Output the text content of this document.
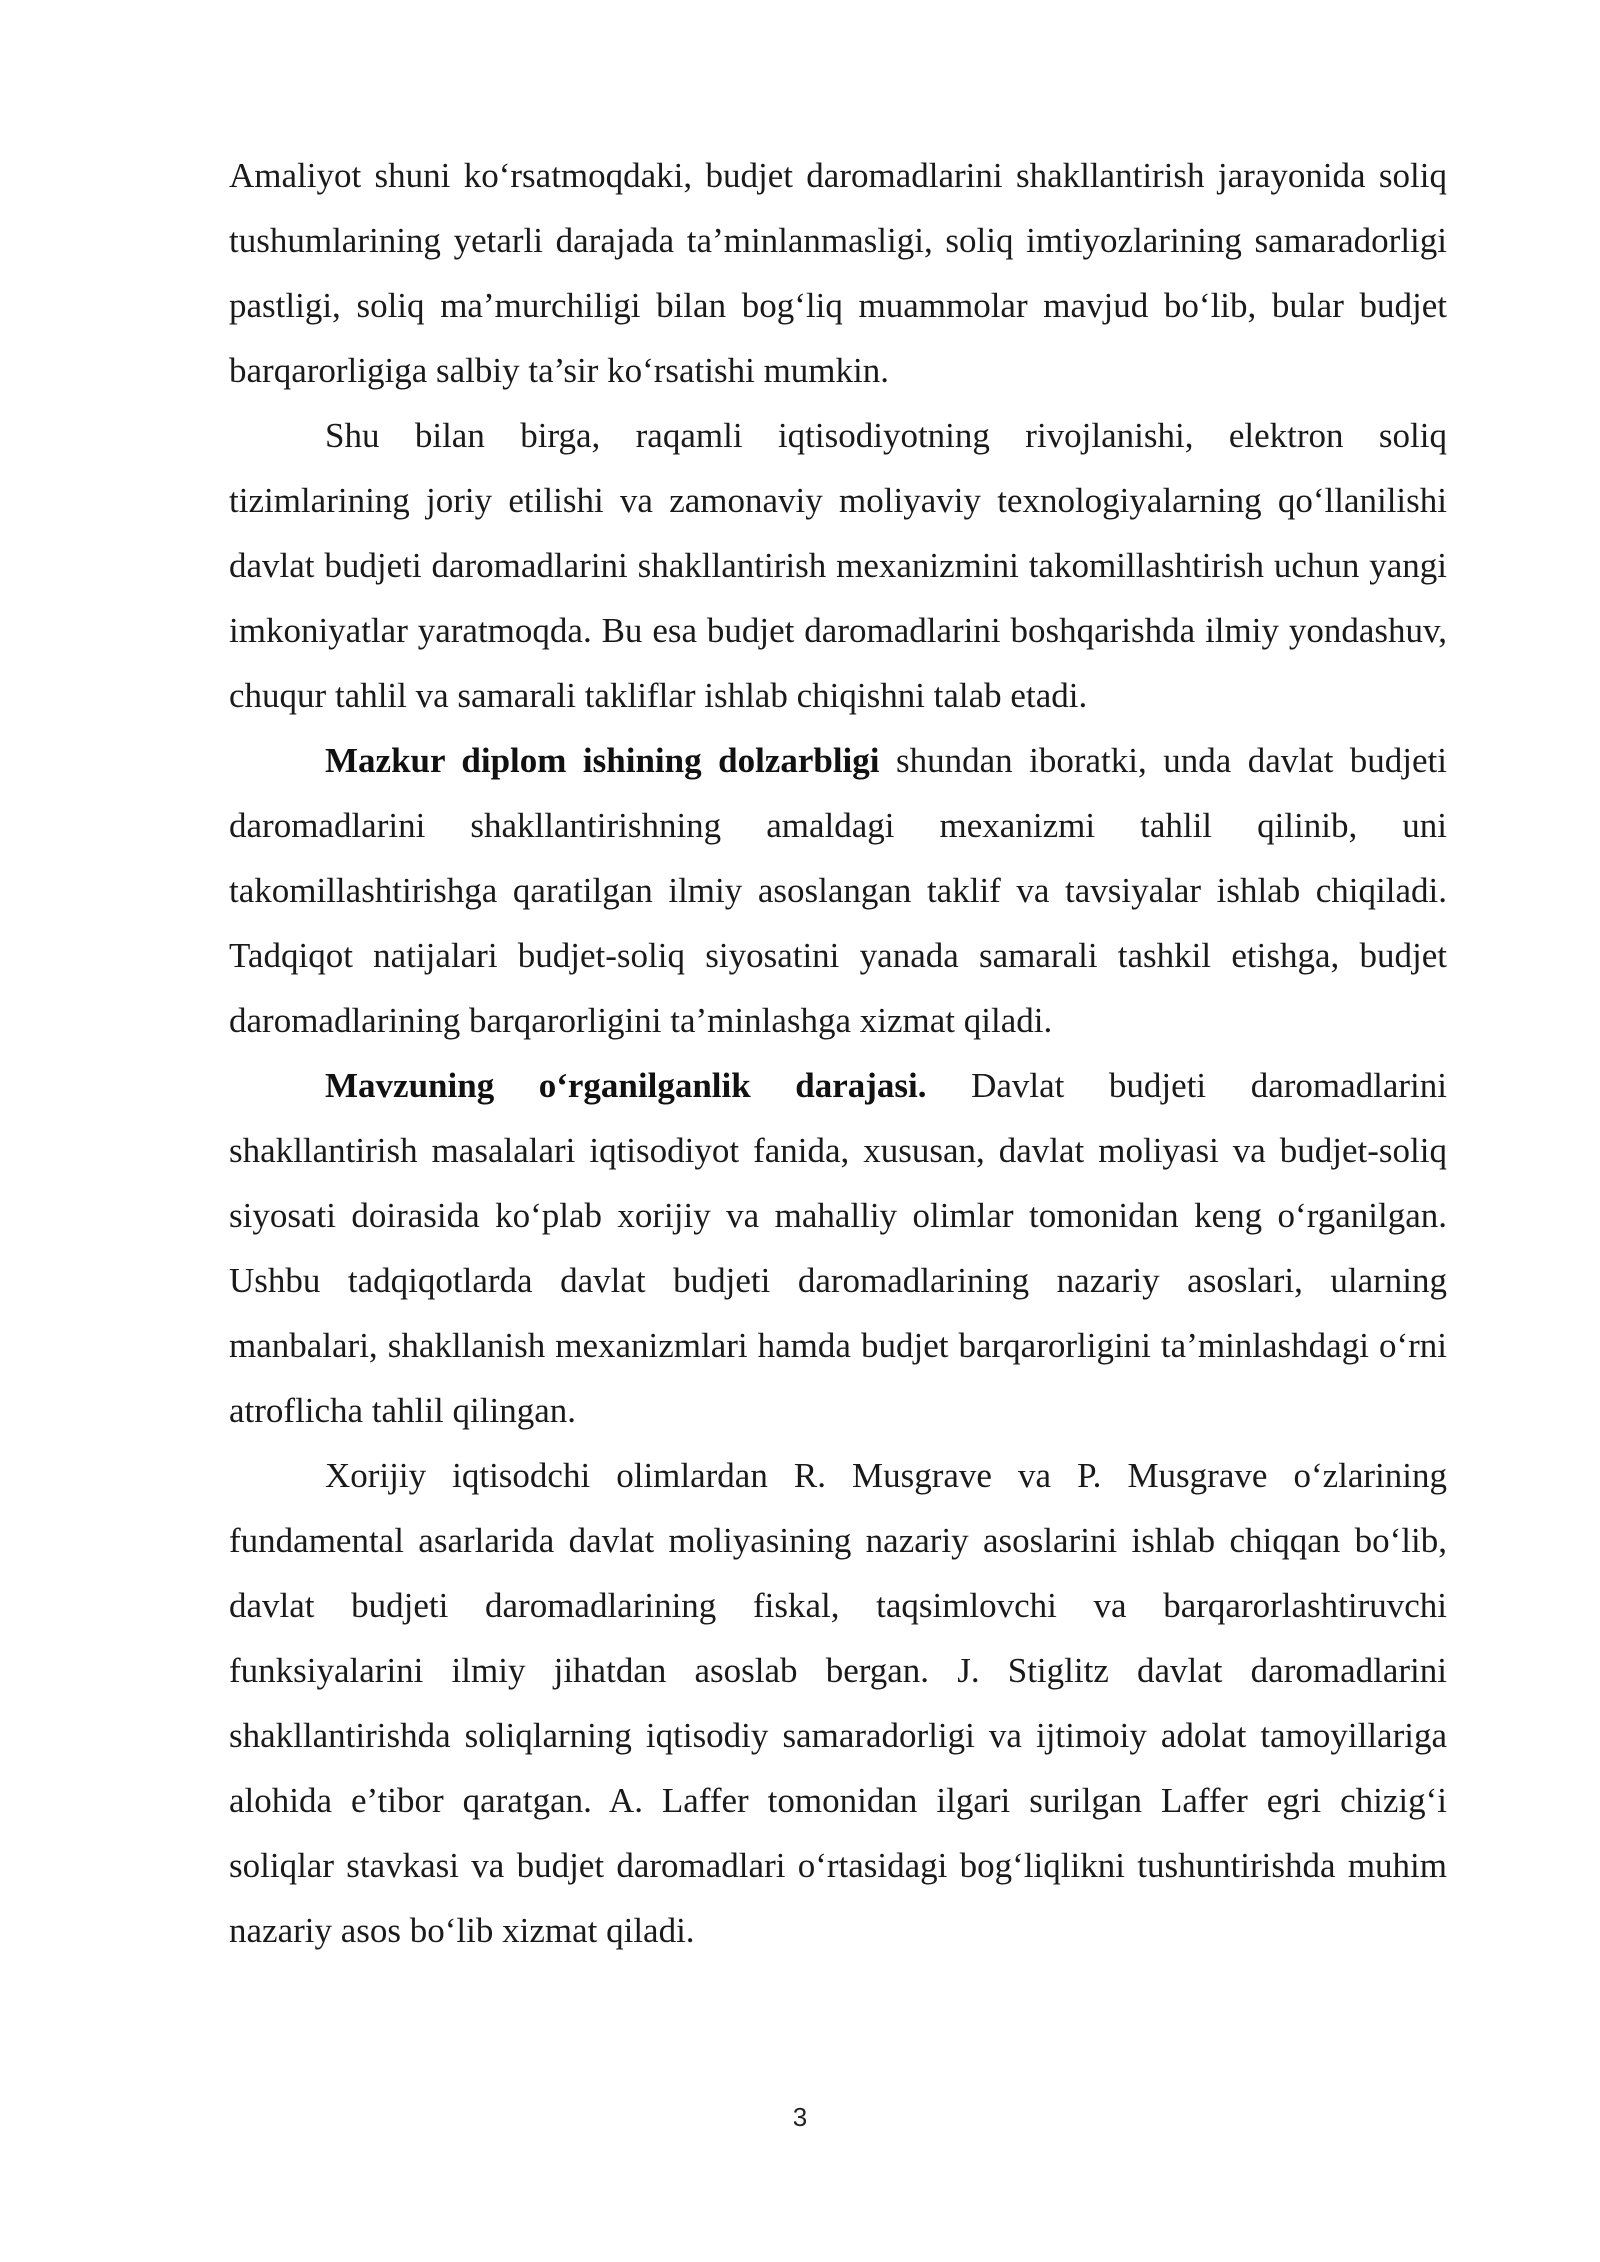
Amaliyot shuni ko‘rsatmoqdaki, budjet daromadlarini shakllantirish jarayonida soliq tushumlarining yetarli darajada ta’minlanmasligi, soliq imtiyozlarining samaradorligi pastligi, soliq ma’murchiligi bilan bog‘liq muammolar mavjud bo‘lib, bular budjet barqarorligiga salbiy ta’sir ko‘rsatishi mumkin.

Shu bilan birga, raqamli iqtisodiyotning rivojlanishi, elektron soliq tizimlarining joriy etilishi va zamonaviy moliyaviy texnologiyalarning qo‘llanilishi davlat budjeti daromadlarini shakllantirish mexanizmini takomillashtirish uchun yangi imkoniyatlar yaratmoqda. Bu esa budjet daromadlarini boshqarishda ilmiy yondashuv, chuqur tahlil va samarali takliflar ishlab chiqishni talab etadi.

Mazkur diplom ishining dolzarbligi shundan iboratki, unda davlat budjeti daromadlarini shakllantirishning amaldagi mexanizmi tahlil qilinib, uni takomillashtirishga qaratilgan ilmiy asoslangan taklif va tavsiyalar ishlab chiqiladi. Tadqiqot natijalari budjet-soliq siyosatini yanada samarali tashkil etishga, budjet daromadlarining barqarorligini ta’minlashga xizmat qiladi.

Mavzuning o‘rganilganlik darajasi. Davlat budjeti daromadlarini shakllantirish masalalari iqtisodiyot fanida, xususan, davlat moliyasi va budjet-soliq siyosati doirasida ko‘plab xorijiy va mahalliy olimlar tomonidan keng o‘rganilgan. Ushbu tadqiqotlarda davlat budjeti daromadlarining nazariy asoslari, ularning manbalari, shakllanish mexanizmlari hamda budjet barqarorligini ta’minlashdagi o‘rni atroflicha tahlil qilingan.

Xorijiy iqtisodchi olimlardan R. Musgrave va P. Musgrave o‘zlarining fundamental asarlarida davlat moliyasining nazariy asoslarini ishlab chiqqan bo‘lib, davlat budjeti daromadlarining fiskal, taqsimlovchi va barqarorlashtiruvchi funksiyalarini ilmiy jihatdan asoslab bergan. J. Stiglitz davlat daromadlarini shakllantirishda soliqlarning iqtisodiy samaradorligi va ijtimoiy adolat tamoyillariga alohida e’tibor qaratgan. A. Laffer tomonidan ilgari surilgan Laffer egri chizig‘i soliqlar stavkasi va budjet daromadlari o‘rtasidagi bog‘liqlikni tushuntirishda muhim nazariy asos bo‘lib xizmat qiladi.

3
